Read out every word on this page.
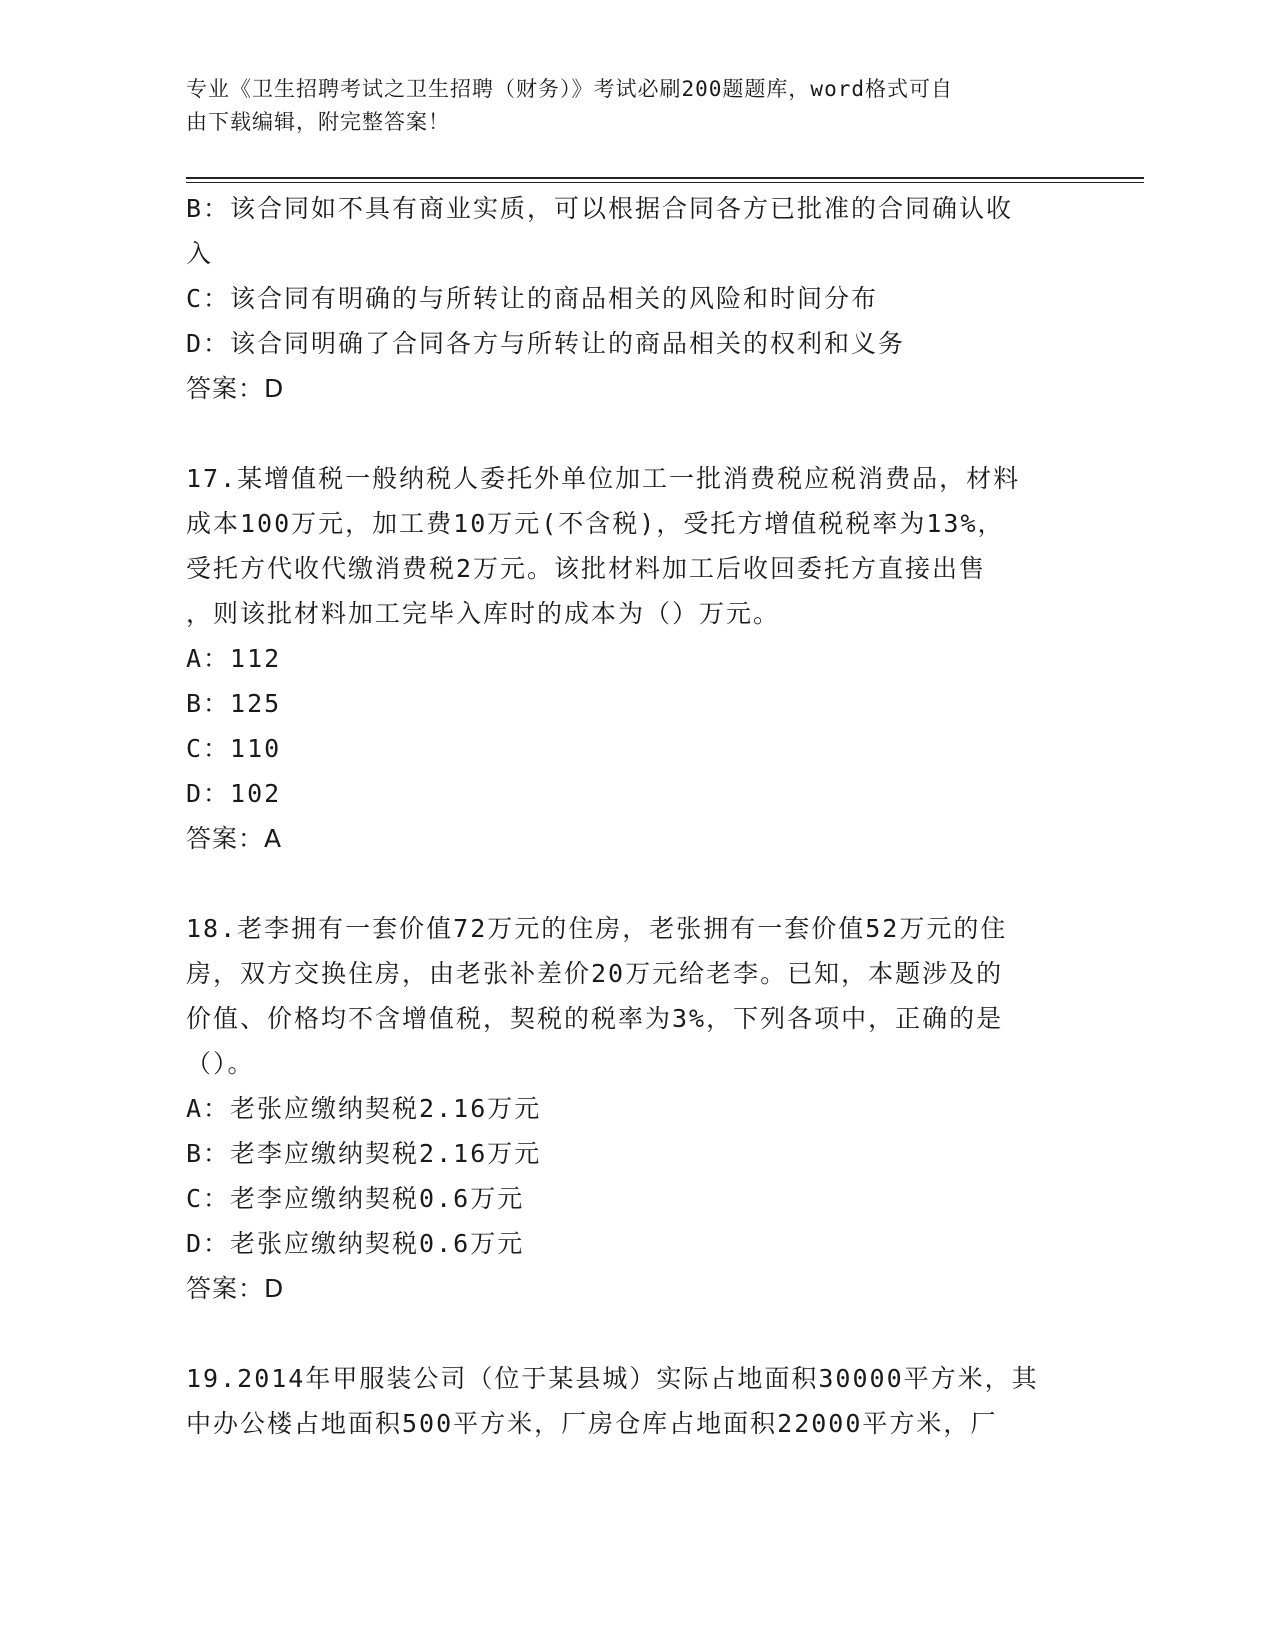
专业《卫生招聘考试之卫生招聘（财务）》考试必刷200题题库，word格式可自
由下载编辑，附完整答案！
B：该合同如不具有商业实质，可以根据合同各方已批准的合同确认收
入
C：该合同有明确的与所转让的商品相关的风险和时间分布
D：该合同明确了合同各方与所转让的商品相关的权利和义务
答案：D
17.某增值税一般纳税人委托外单位加工一批消费税应税消费品，材料
成本100万元，加工费10万元(不含税)，受托方增值税税率为13%，
受托方代收代缴消费税2万元。该批材料加工后收回委托方直接出售
，则该批材料加工完毕入库时的成本为（）万元。
A：112
B：125
C：110
D：102
答案：A
18.老李拥有一套价值72万元的住房，老张拥有一套价值52万元的住
房，双方交换住房，由老张补差价20万元给老李。已知，本题涉及的
价值、价格均不含增值税，契税的税率为3%，下列各项中，正确的是
（）。
A：老张应缴纳契税2.16万元
B：老李应缴纳契税2.16万元
C：老李应缴纳契税0.6万元
D：老张应缴纳契税0.6万元
答案：D
19.2014年甲服装公司（位于某县城）实际占地面积30000平方米，其
中办公楼占地面积500平方米，厂房仓库占地面积22000平方米，厂
